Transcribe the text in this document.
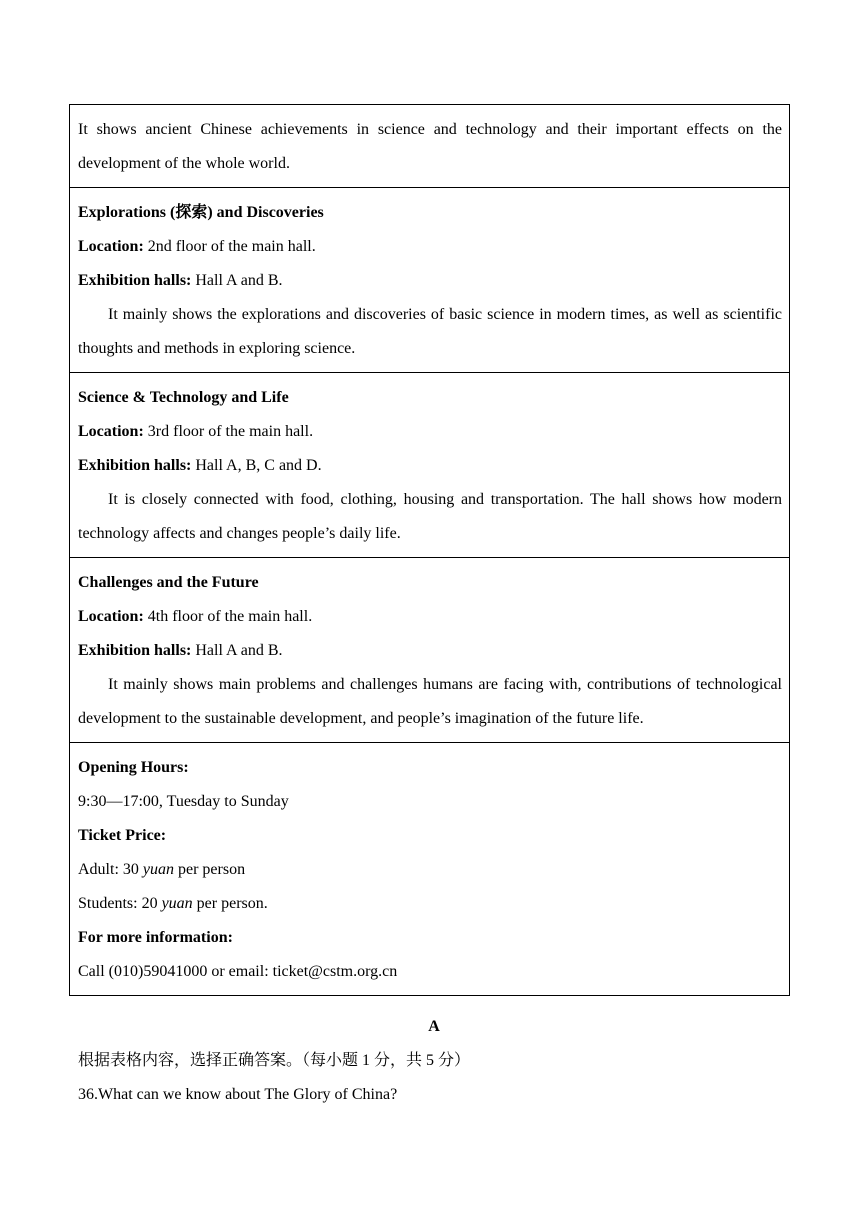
It shows ancient Chinese achievements in science and technology and their important effects on the development of the whole world.

Explorations (探索) and Discoveries

Location: 2nd floor of the main hall.

Exhibition halls: Hall A and B.

It mainly shows the explorations and discoveries of basic science in modern times, as well as scientific thoughts and methods in exploring science.

Science & Technology and Life

Location: 3rd floor of the main hall.

Exhibition halls: Hall A, B, C and D.

It is closely connected with food, clothing, housing and transportation. The hall shows how modern technology affects and changes people’s daily life.

Challenges and the Future

Location: 4th floor of the main hall.

Exhibition halls: Hall A and B.

It mainly shows main problems and challenges humans are facing with, contributions of technological development to the sustainable development, and people’s imagination of the future life.

Opening Hours:

9:30—17:00, Tuesday to Sunday

Ticket Price:

Adult: 30 yuan per person

Students: 20 yuan per person.

For more information:

Call (010)59041000 or email: ticket@cstm.org.cn

A

根据表格内容，选择正确答案。（每小题 1 分，共 5 分）

36.What can we know about The Glory of China?
